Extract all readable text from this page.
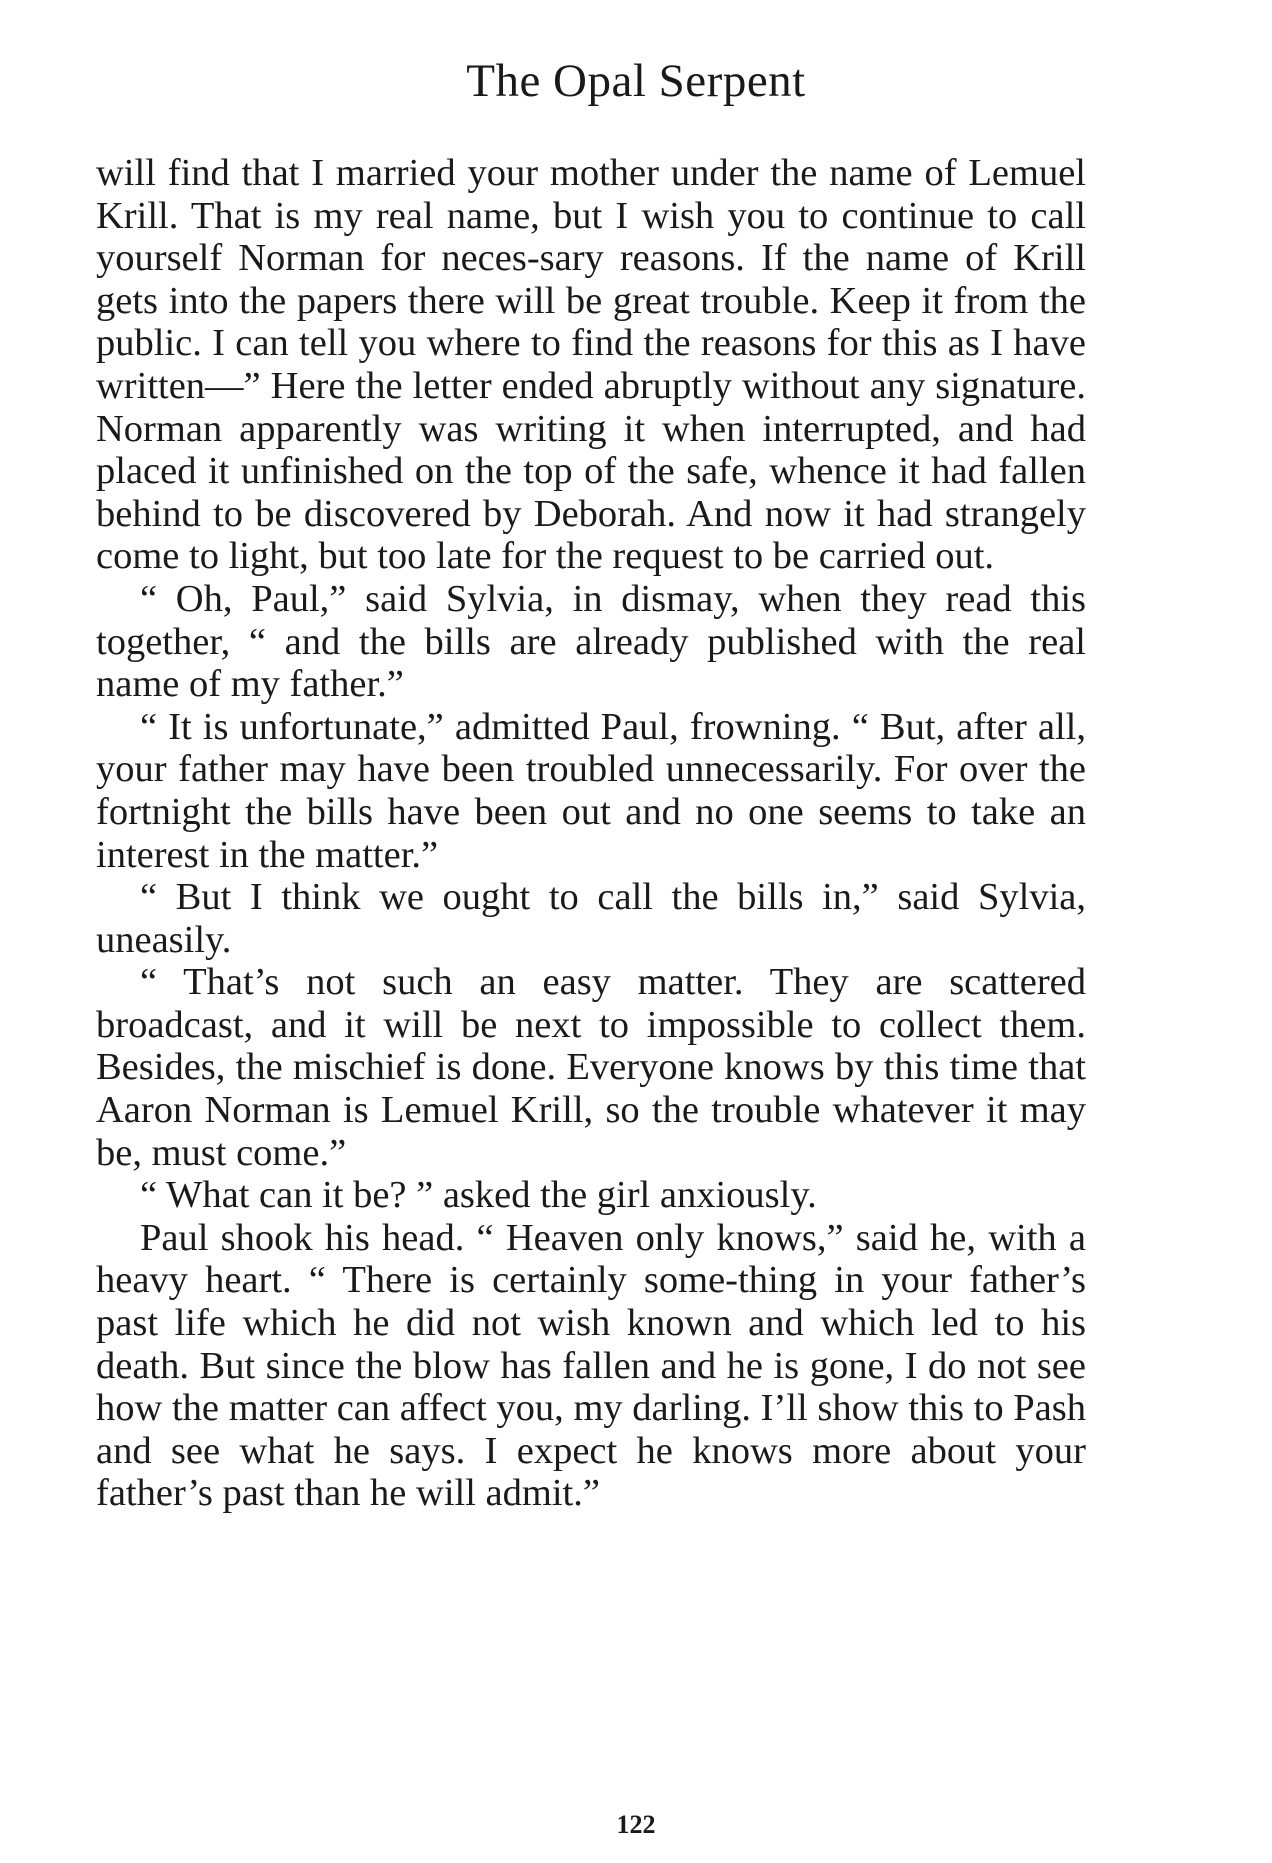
The Opal Serpent

will find that I married your mother under the name of Lemuel Krill. That is my real name, but I wish you to continue to call yourself Norman for neces-sary reasons. If the name of Krill gets into the papers there will be great trouble. Keep it from the public. I can tell you where to find the reasons for this as I have written—” Here the letter ended abruptly without any signature. Norman apparently was writing it when interrupted, and had placed it unfinished on the top of the safe, whence it had fallen behind to be discovered by Deborah. And now it had strangely come to light, but too late for the request to be carried out.

“ Oh, Paul,” said Sylvia, in dismay, when they read this together, “ and the bills are already published with the real name of my father.”

“ It is unfortunate,” admitted Paul, frowning. “ But, after all, your father may have been troubled unnecessarily. For over the fortnight the bills have been out and no one seems to take an interest in the matter.”

“ But I think we ought to call the bills in,” said Sylvia, uneasily.

“ That’s not such an easy matter. They are scattered broadcast, and it will be next to impossible to collect them. Besides, the mischief is done. Everyone knows by this time that Aaron Norman is Lemuel Krill, so the trouble whatever it may be, must come.”

“ What can it be? ” asked the girl anxiously.

Paul shook his head. “ Heaven only knows,” said he, with a heavy heart. “ There is certainly some-thing in your father’s past life which he did not wish known and which led to his death. But since the blow has fallen and he is gone, I do not see how the matter can affect you, my darling. I’ll show this to Pash and see what he says. I expect he knows more about your father’s past than he will admit.”

122
